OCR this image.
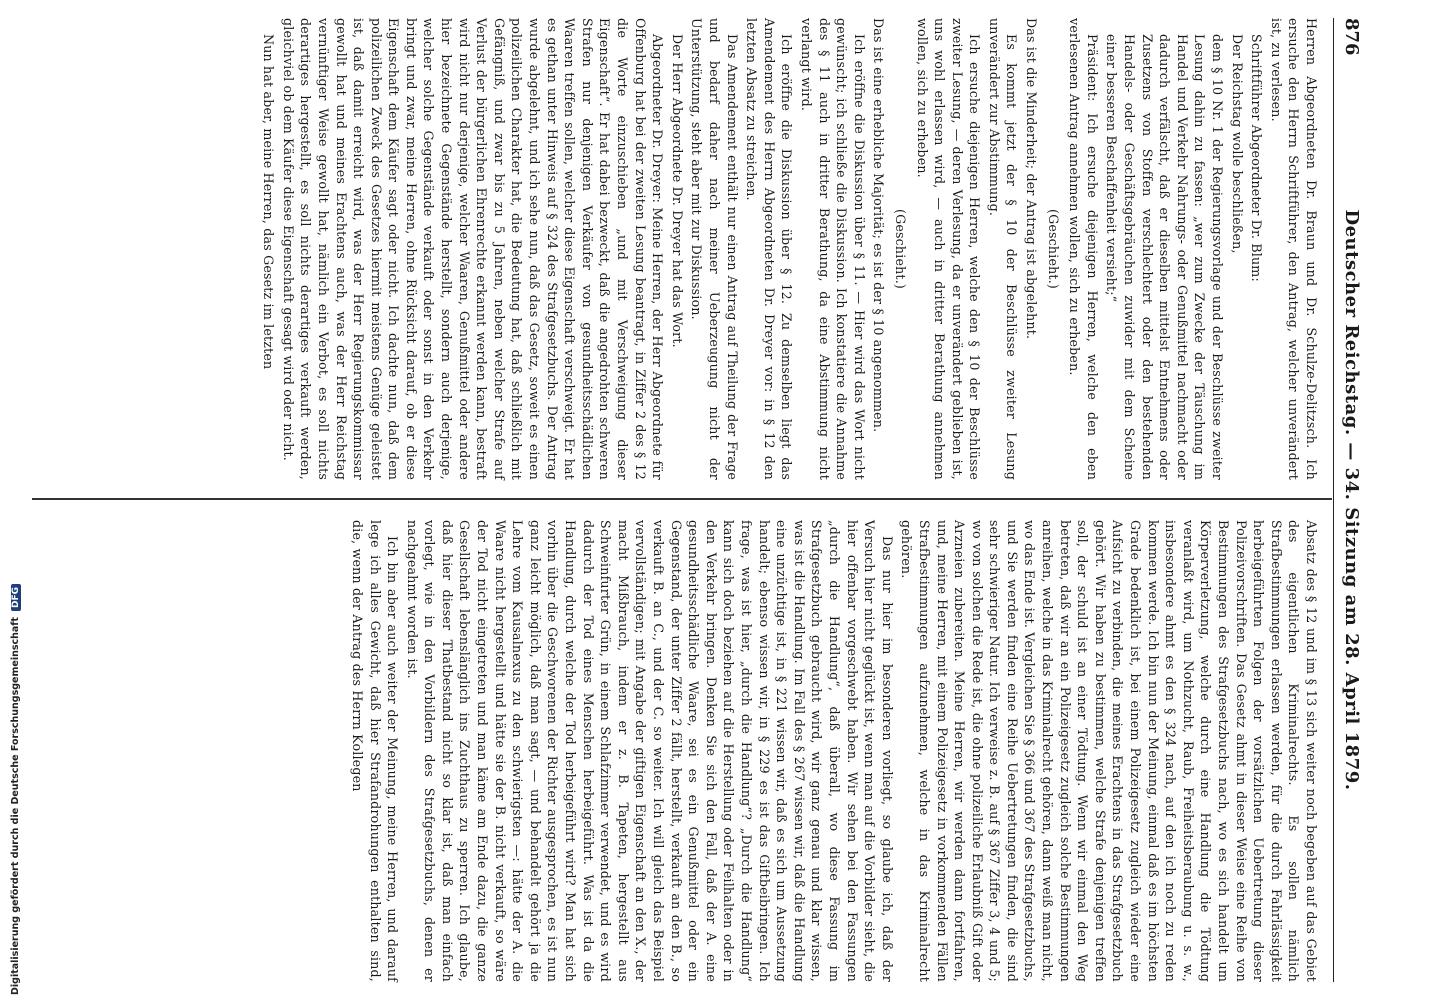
876
Deutscher Reichstag. — 34. Sitzung am 28. April 1879.

Herren Abgeordneten Dr. Braun und Dr. Schulze-Delitzsch. Ich ersuche den Herrn Schriftführer, den Antrag, welcher unverändert ist, zu verlesen.

Schriftführer Abgeordneter Dr. Blum:

Der Reichstag wolle beschließen,

dem § 10 Nr. 1 der Regierungsvorlage und der Beschlüsse zweiter Lesung dahin zu fassen: „wer zum Zwecke der Täuschung im Handel und Verkehr Nahrungs- oder Genußmittel nachmacht oder dadurch verfälscht, daß er dieselben mittelst Entnehmens oder Zusetzens von Stoffen verschlechtert oder den bestehenden Handels- oder Geschäftsgebräuchen zuwider mit dem Scheine einer besseren Beschaffenheit versieht;“

Präsident: Ich ersuche diejenigen Herren, welche den eben verlesenen Antrag annehmen wollen, sich zu erheben.

(Geschieht.)

Das ist die Minderheit; der Antrag ist abgelehnt.

Es kommt jetzt der § 10 der Beschlüsse zweiter Lesung unverändert zur Abstimmung.

Ich ersuche diejenigen Herren, welche den § 10 der Beschlüsse zweiter Lesung, — deren Verlesung, da er unverändert geblieben ist, uns wohl erlassen wird, — auch in dritter Berathung annehmen wollen, sich zu erheben.

(Geschieht.)

Das ist eine erhebliche Majorität; es ist der § 10 angenommen.

Ich eröffne die Diskussion über § 11. — Hier wird das Wort nicht gewünscht; ich schließe die Diskussion. Ich konstatiere die Annahme des § 11 auch in dritter Berathung, da eine Abstimmung nicht verlangt wird.

Ich eröffne die Diskussion über § 12. Zu demselben liegt das Amendement des Herrn Abgeordneten Dr. Dreyer vor: in § 12 den letzten Absatz zu streichen.

Das Amendement enthält nur einen Antrag auf Theilung der Frage und bedarf daher nach meiner Ueberzeugung nicht der Unterstützung, steht aber mit zur Diskussion.

Der Herr Abgeordnete Dr. Dreyer hat das Wort.

Abgeordneter Dr. Dreyer: Meine Herren, der Herr Abgeordnete für Offenburg hat bei der zweiten Lesung beantragt, in Ziffer 2 des § 12 die Worte einzuschieben „und mit Verschweigung dieser Eigenschaft“. Er hat dabei bezweckt, daß die angedrohten schweren Strafen nur denjenigen Verkäufer von gesundheitsschädlichen Waaren treffen sollen, welcher diese Eigenschaft verschweigt. Er hat es gethan unter Hinweis auf § 324 des Strafgesetzbuchs. Der Antrag wurde abgelehnt, und ich sehe nun, daß das Gesetz, soweit es einen polizeilichen Charakter hat, die Bedeutung hat, daß schließlich mit Gefängniß, und zwar bis zu 5 Jahren, neben welcher Strafe auf Verlust der bürgerlichen Ehrenrechte erkannt werden kann, bestraft wird nicht nur derjenige, welcher Waaren, Genußmittel oder andere hier bezeichnete Gegenstände herstellt, sondern auch derjenige, welcher solche Gegenstände verkauft oder sonst in den Verkehr bringt und zwar, meine Herren, ohne Rücksicht darauf, ob er diese Eigenschaft dem Käufer sagt oder nicht. Ich dachte nun, daß dem polizeilichen Zweck des Gesetzes hiermit meistens Genüge geleistet ist, daß damit erreicht wird, was der Herr Regierungskommissar gewollt hat und meines Erachtens auch, was der Herr Reichstag vernünftiger Weise gewollt hat, nämlich ein Verbot, es soll nichts derartiges hergestellt, es soll nichts derartiges verkauft werden, gleichviel ob dem Käufer diese Eigenschaft gesagt wird oder nicht.

Nun hat aber, meine Herren, das Gesetz im letzten

Absatz des § 12 und im § 13 sich weiter noch begeben auf das Gebiet des eigentlichen Kriminalrechts. Es sollen nämlich Strafbestimmungen erlassen werden, für die durch Fahrlässigkeit herbeigeführten Folgen der vorsätzlichen Uebertretung dieser Polizeivorschriften. Das Gesetz ahmt in dieser Weise eine Reihe von Bestimmungen des Strafgesetzbuchs nach, wo es sich handelt um Körperverletzung, welche durch eine Handlung die Tödtung veranlaßt wird, um Nothzucht, Raub, Freiheitsberaubung u. s. w., insbesondere ahmt es den § 324 nach, auf den ich noch zu reden kommen werde. Ich bin nun der Meinung, einmal daß es im höchsten Grade bedenklich ist, bei einem Polizeigesetz zugleich wieder eine Aufsicht zu verbinden, die meines Erachtens in das Strafgesetzbuch gehört. Wir haben zu bestimmen, welche Strafe denjenigen treffen soll, der schuld ist an einer Tödtung. Wenn wir einmal den Weg betreten, daß wir an ein Polizeigesetz zugleich solche Bestimmungen anreihen, welche in das Kriminalrecht gehören, dann weiß man nicht, wo das Ende ist. Vergleichen Sie § 366 und 367 des Strafgesetzbuchs, und Sie werden finden eine Reihe Uebertretungen finden, die sind sehr schwieriger Natur. Ich verweise z. B. auf § 367 Ziffer 3, 4 und 5; wo von solchen die Rede ist, die ohne polizeiliche Erlaubniß Gift oder Arzneien zubereiten. Meine Herren, wir werden dann fortfahren, und, meine Herren, mit einem Polizeigesetz in vorkommenden Fällen Strafbestimmungen aufzunehmen, welche in das Kriminalrecht gehören.

Das nur hier im besonderen vorliegt, so glaube ich, daß der Versuch hier nicht geglückt ist, wenn man auf die Vorbilder sieht, die hier offenbar vorgeschwebt haben. Wir sehen bei den Fassungen „durch die Handlung“, daß überall, wo diese Fassung im Strafgesetzbuch gebraucht wird, wir ganz genau und klar wissen, was ist die Handlung. Im Fall des § 267 wissen wir, daß die Handlung eine unzüchtige ist, in § 221 wissen wir, daß es sich um Aussetzung handelt; ebenso wissen wir, in § 229 es ist das Giftbeibringen. Ich frage, was ist hier, „durch die Handlung“? „Durch die Handlung“ kann sich doch beziehen auf die Herstellung oder Feilhalten oder in den Verkehr bringen. Denken Sie sich den Fall, daß der A. eine gesundheitsschädliche Waare, sei es ein Genußmittel oder ein Gegenstand, der unter Ziffer 2 fällt, herstellt, verkauft an den B., so verkauft B. an C., und der C. so weiter. Ich will gleich das Beispiel vervollständigen; mit Angabe der giftigen Eigenschaft an den X., der macht Mißbrauch, indem er z. B. Tapeten, hergestellt aus Schweinfurter Grün, in einem Schlafzimmer verwendet, und es wird dadurch der Tod eines Menschen herbeigeführt. Was ist da die Handlung, durch welche der Tod herbeigeführt wird? Man hat sich vorhin über die Geschworenen der Richter ausgesprochen, es ist nun ganz leicht möglich, daß man sagt, — und behandelt gehört ja die Lehre vom Kausalnexus zu den schwierigsten —: hätte der A. die Waare nicht hergestellt und hätte sie der B. nicht verkauft, so wäre der Tod nicht eingetreten und man käme am Ende dazu, die ganze Gesellschaft lebenslänglich ins Zuchthaus zu sperren. Ich glaube, daß hier dieser Thatbestand nicht so klar ist, daß man einfach vorlegt, wie in den Vorbildern des Strafgesetzbuchs, denen er nachgeahmt worden ist.

Ich bin aber auch weiter der Meinung, meine Herren, und darauf lege ich alles Gewicht, daß hier Strafandrohungen enthalten sind, die, wenn der Antrag des Herrn Kollegen

Digitalisierung gefördert durch die Deutsche ForschungsgemeinschaftDFG
